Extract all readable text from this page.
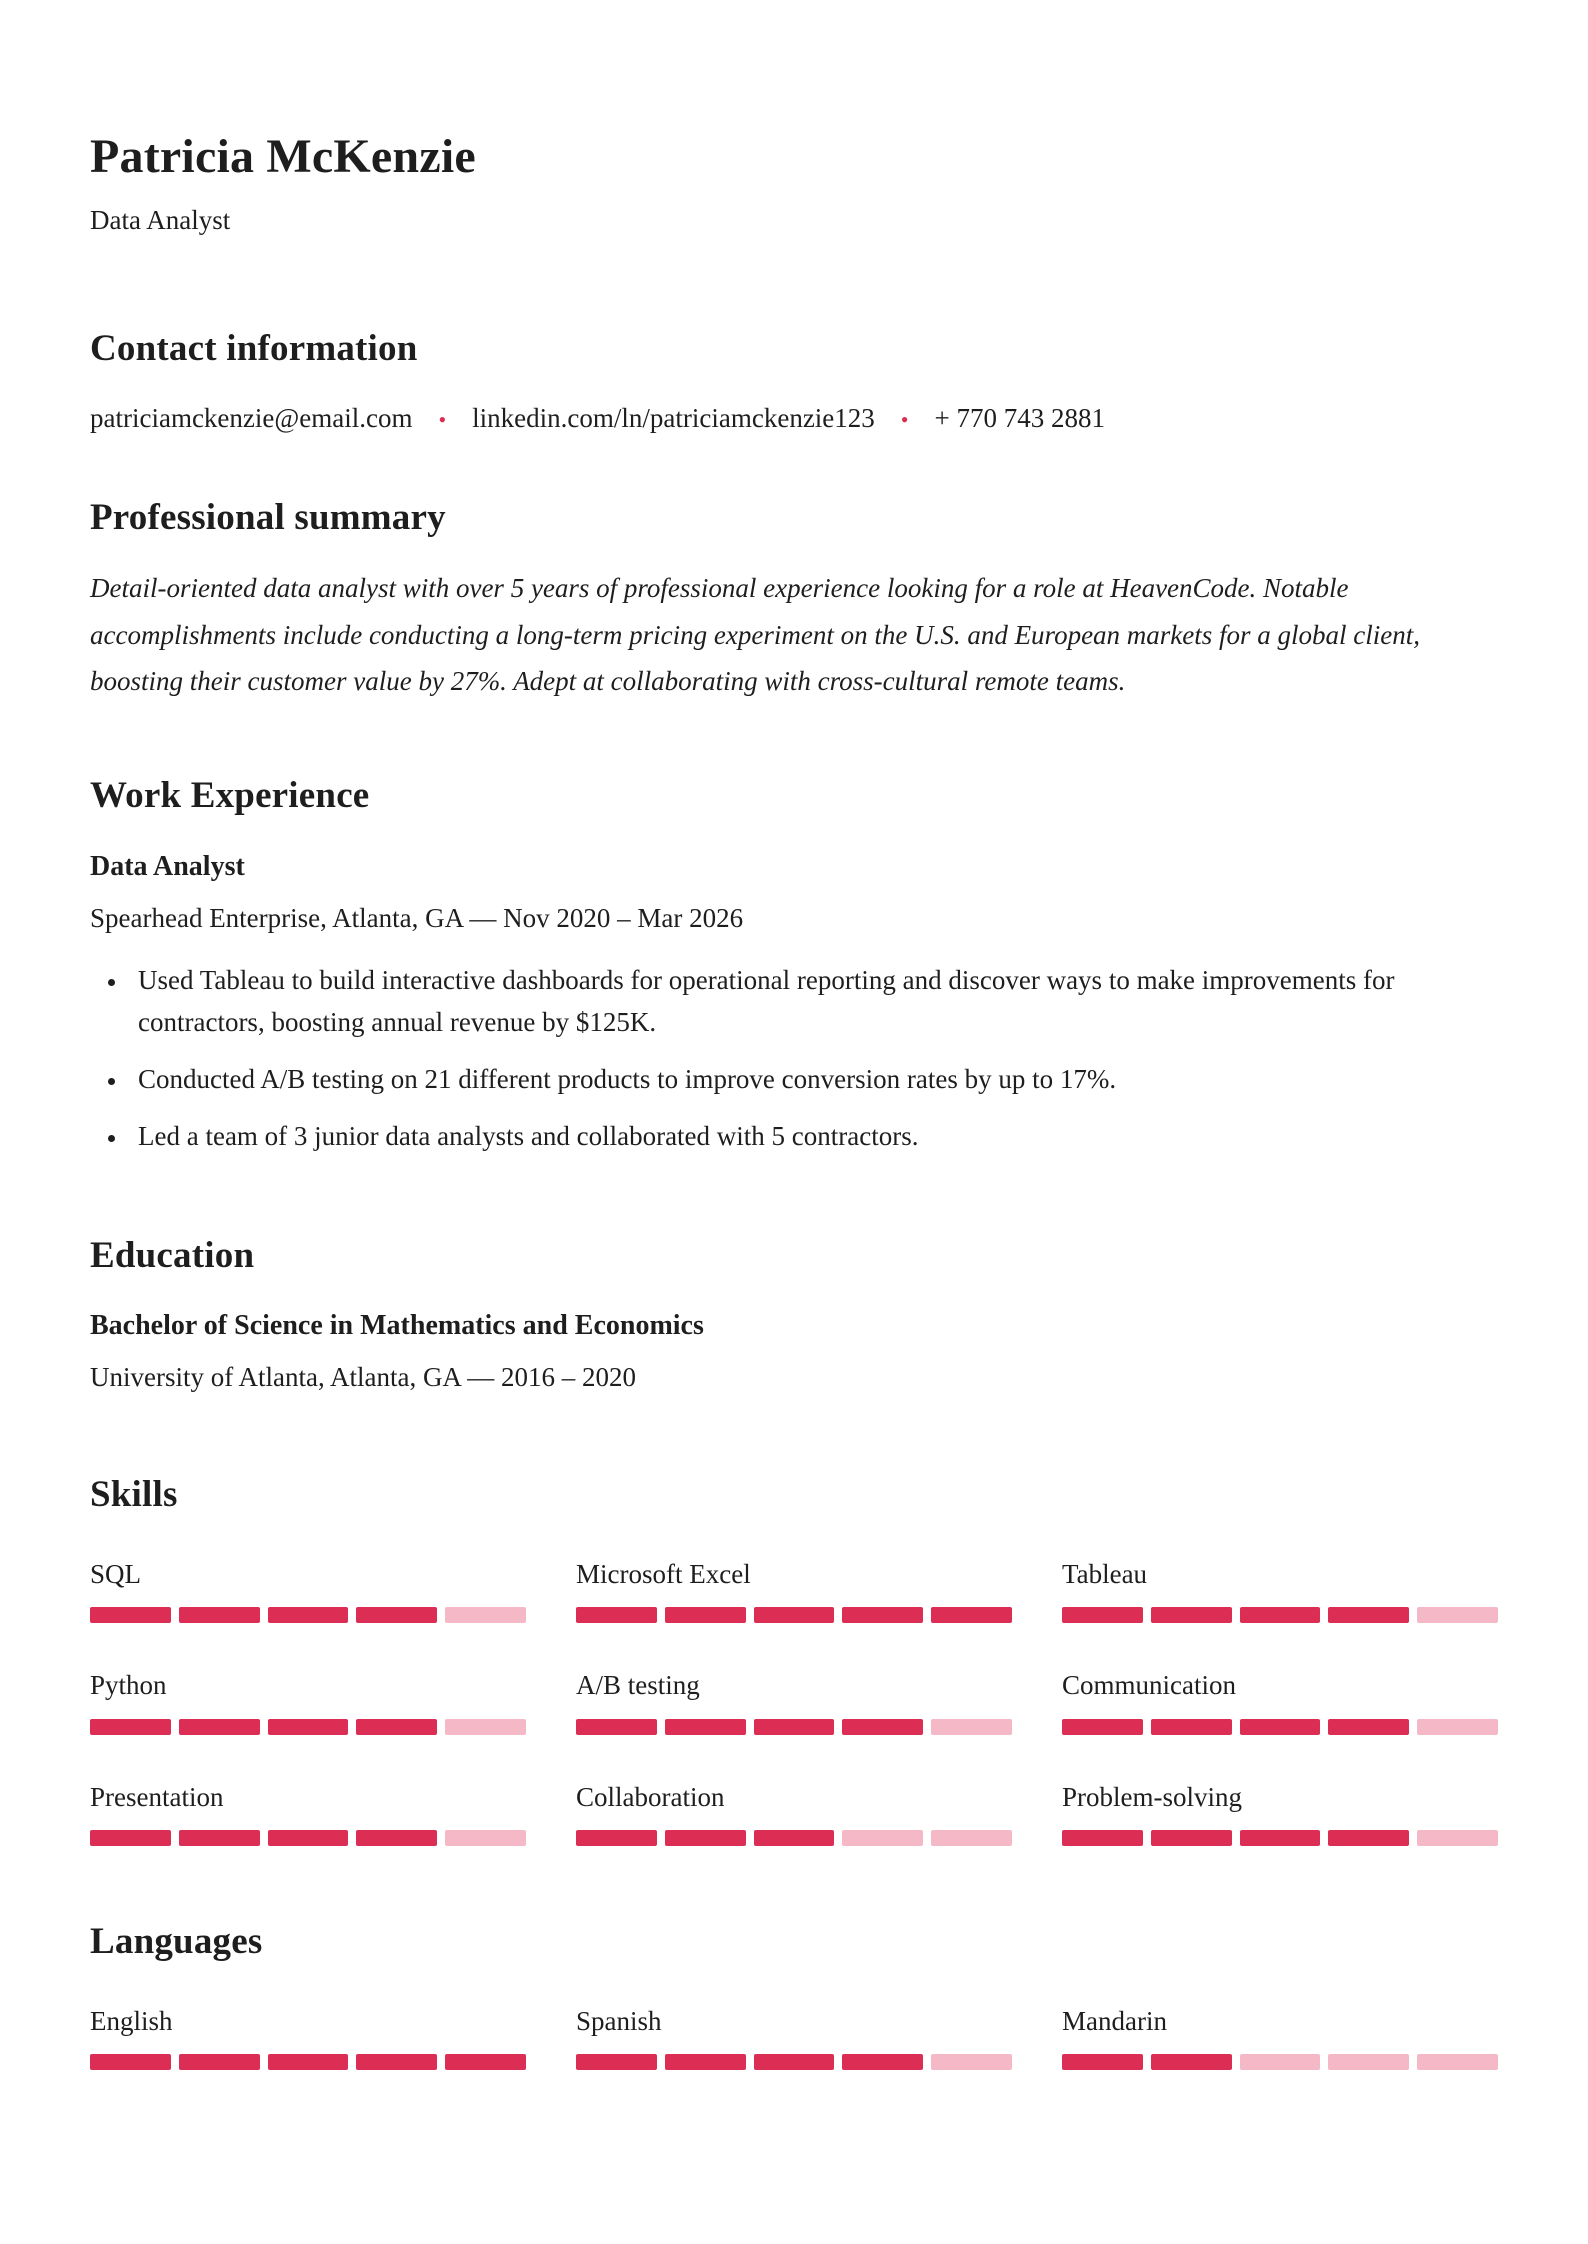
Patricia McKenzie
Data Analyst
Contact information
patriciamckenzie@email.com • linkedin.com/ln/patriciamckenzie123 • + 770 743 2881
Professional summary

Detail-oriented data analyst with over 5 years of professional experience looking for a role at HeavenCode. Notable accomplishments include conducting a long-term pricing experiment on the U.S. and European markets for a global client, boosting their customer value by 27%. Adept at collaborating with cross-cultural remote teams.

Work Experience
Data Analyst
Spearhead Enterprise, Atlanta, GA — Nov 2020 – Mar 2026
• Used Tableau to build interactive dashboards for operational reporting and discover ways to make improvements for contractors, boosting annual revenue by $125K.
• Conducted A/B testing on 21 different products to improve conversion rates by up to 17%.
• Led a team of 3 junior data analysts and collaborated with 5 contractors.
Education
Bachelor of Science in Mathematics and Economics
University of Atlanta, Atlanta, GA — 2016 – 2020
Skills
SQL	Microsoft Excel	Tableau
Python	A/B testing	Communication
Presentation	Collaboration	Problem-solving
Languages
English	Spanish	Mandarin
